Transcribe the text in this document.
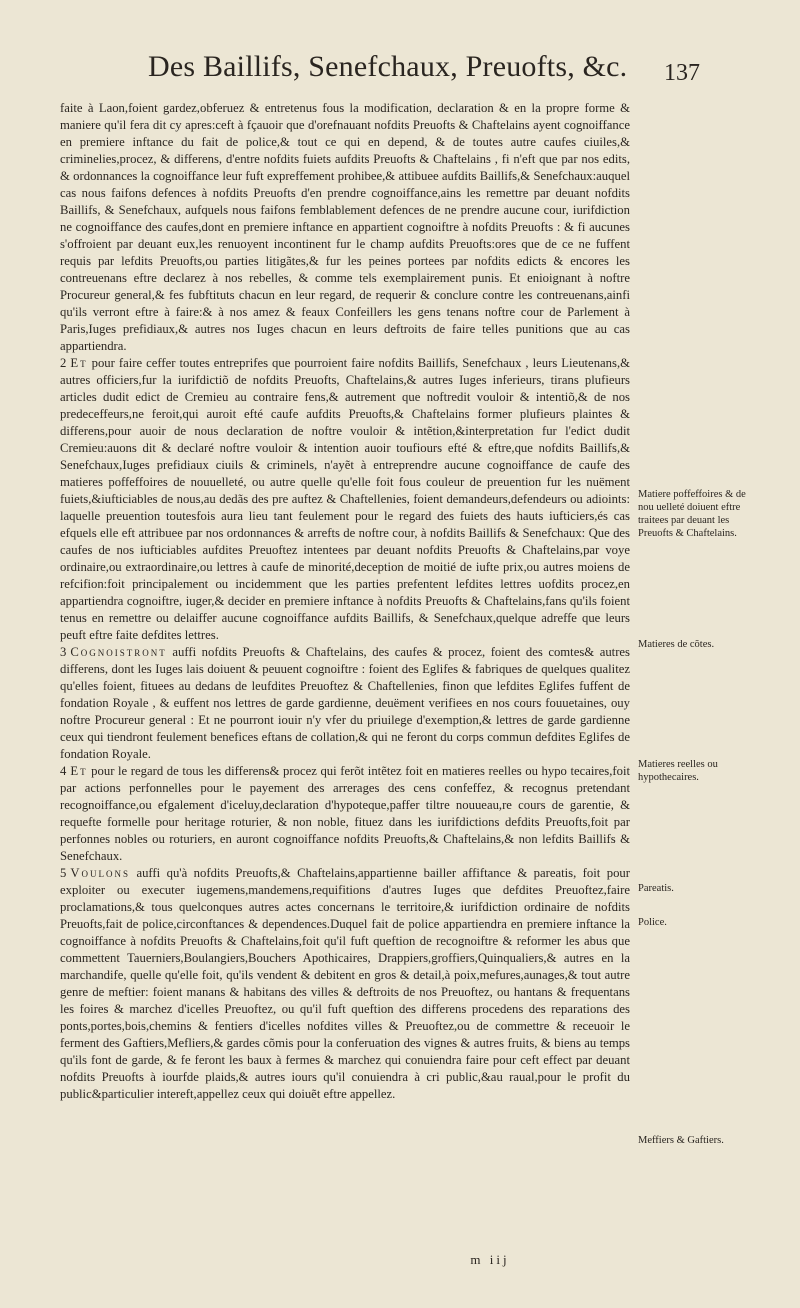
Des Baillifs, Senefchaux, Preuofts, &c. 137

faite à Laon,foient gardez,obferuez & entretenus fous la modification, declaration & en la propre forme & maniere qu'il fera dit cy apres:ceft à fçauoir que d'orefnauant nofdits Preuofts & Chaftelains ayent cognoiffance en premiere inftance du fait de police,& tout ce qui en depend, & de toutes autre caufes ciuiles,& criminelies,procez, & differens, d'entre nofdits fuiets aufdits Preuofts & Chaftelains , fi n'eft que par nos edits, & ordonnances la cognoiffance leur fuft expreffement prohibee,& attibuee aufdits Baillifs,& Senefchaux:auquel cas nous faifons defences à nofdits Preuofts d'en prendre cognoiffance,ains les remettre par deuant nofdits Baillifs, & Senefchaux, aufquels nous faifons femblablement defences de ne prendre aucune cour, iurifdiction ne cognoiffance des caufes,dont en premiere inftance en appartient cognoiftre à nofdits Preuofts : & fi aucunes s'offroient par deuant eux,les renuoyent incontinent fur le champ aufdits Preuofts:ores que de ce ne fuffent requis par lefdits Preuofts,ou parties litigãtes,& fur les peines portees par nofdits edicts & encores les contreuenans eftre declarez à nos rebelles, & comme tels exemplairement punis. Et enioignant à noftre Procureur general,& fes fubftituts chacun en leur regard, de requerir & conclure contre les contreuenans,ainfi qu'ils verront eftre à faire:& à nos amez & feaux Confeillers les gens tenans noftre cour de Parlement à Paris,Iuges prefidiaux,& autres nos Iuges chacun en leurs deftroits de faire telles punitions que au cas appartiendra.

2 Et pour faire ceffer toutes entreprifes que pourroient faire nofdits Baillifs, Senefchaux , leurs Lieutenans,& autres officiers,fur la iurifdictiõ de nofdits Preuofts, Chaftelains,& autres Iuges inferieurs, tirans plufieurs articles dudit edict de Cremieu au contraire fens,& autrement que noftredit vouloir & intentiõ,& de nos predeceffeurs,ne feroit,qui auroit efté caufe aufdits Preuofts,& Chaftelains former plufieurs plaintes & differens,pour auoir de nous declaration de noftre vouloir & intẽtion,&interpretation fur l'edict dudit Cremieu:auons dit & declaré noftre vouloir & intention auoir toufiours efté & eftre,que nofdits Baillifs,& Senefchaux,Iuges prefidiaux ciuils & criminels, n'ayẽt à entreprendre aucune cognoiffance de caufe des matieres poffeffoires de nouuelleté, ou autre quelle qu'elle foit fous couleur de preuention fur les nuëment fuiets,&iufticiables de nous,au dedãs des pre auftez & Chaftellenies, foient demandeurs,defendeurs ou adioints: laquelle preuention toutesfois aura lieu tant feulement pour le regard des fuiets des hauts iufticiers,és cas efquels elle eft attribuee par nos ordonnances & arrefts de noftre cour, à nofdits Baillifs & Senefchaux: Que des caufes de nos iufticiables aufdites Preuoftez intentees par deuant nofdits Preuofts & Chaftelains,par voye ordinaire,ou extraordinaire,ou lettres à caufe de minorité,deception de moitié de iufte prix,ou autres moiens de refcifion:foit principalement ou incidemment que les parties prefentent lefdites lettres uofdits procez,en appartiendra cognoiftre, iuger,& decider en premiere inftance à nofdits Preuofts & Chaftelains,fans qu'ils foient tenus en remettre ou delaiffer aucune cognoiffance aufdits Baillifs, & Senefchaux,quelque adreffe que leurs peuft eftre faite defdites lettres.

3 Cognoistront auffi nofdits Preuofts & Chaftelains, des caufes & procez, foient des comtes& autres differens, dont les Iuges lais doiuent & peuuent cognoiftre : foient des Eglifes & fabriques de quelques qualitez qu'elles foient, fituees au dedans de leufdites Preuoftez & Chaftellenies, finon que lefdites Eglifes fuffent de fondation Royale , & euffent nos lettres de garde gardienne, deuëment verifiees en nos cours fouuetaines, ouy noftre Procureur general : Et ne pourront iouir n'y vfer du priuilege d'exemption,& lettres de garde gardienne ceux qui tiendront feulement benefices eftans de collation,& qui ne feront du corps commun defdites Eglifes de fondation Royale.

4 Et pour le regard de tous les differens& procez qui ferõt intẽtez foit en matieres reelles ou hypo tecaires,foit par actions perfonnelles pour le payement des arrerages des cens confeffez, & recognus pretendant recognoiffance,ou efgalement d'iceluy,declaration d'hypoteque,paffer tiltre nouueau,re cours de garentie, & requefte formelle pour heritage roturier, & non noble, fituez dans les iurifdictions defdits Preuofts,foit par perfonnes nobles ou roturiers, en auront cognoiffance nofdits Preuofts,& Chaftelains,& non lefdits Baillifs & Senefchaux.

5 Voulons auffi qu'à nofdits Preuofts,& Chaftelains,appartienne bailler affiftance & pareatis, foit pour exploiter ou executer iugemens,mandemens,requifitions d'autres Iuges que defdites Preuoftez,faire proclamations,& tous quelconques autres actes concernans le territoire,& iurifdiction ordinaire de nofdits Preuofts,fait de police,circonftances & dependences.Duquel fait de police appartiendra en premiere inftance la cognoiffance à nofdits Preuofts & Chaftelains,foit qu'il fuft queftion de recognoiftre & reformer les abus que commettent Tauerniers,Boulangiers,Bouchers Apothicaires, Drappiers,groffiers,Quinqualiers,& autres en la marchandife, quelle qu'elle foit, qu'ils vendent & debitent en gros & detail,à poix,mefures,aunages,& tout autre genre de meftier: foient manans & habitans des villes & deftroits de nos Preuoftez, ou hantans & frequentans les foires & marchez d'icelles Preuoftez, ou qu'il fuft queftion des differens procedens des reparations des ponts,portes,bois,chemins & fentiers d'icelles nofdites villes & Preuoftez,ou de commettre & receuoir le ferment des Gaftiers,Mefliers,& gardes cõmis pour la conferuation des vignes & autres fruits, & biens au temps qu'ils font de garde, & fe feront les baux à fermes & marchez qui conuiendra faire pour ceft effect par deuant nofdits Preuofts à iourfde plaids,& autres iours qu'il conuiendra à cri public,&au raual,pour le profit du public&particulier intereft,appellez ceux qui doiuẽt eftre appellez.

Matiere poffeffoires & de nou uelleté doiuent eftre traitees par deuant les Preuofts & Chaftelains.
Matieres de cõtes.
Matieres reelles ou hypothecaires.
Pareatis.
Police.
Meffiers & Gaftiers.
m iij
